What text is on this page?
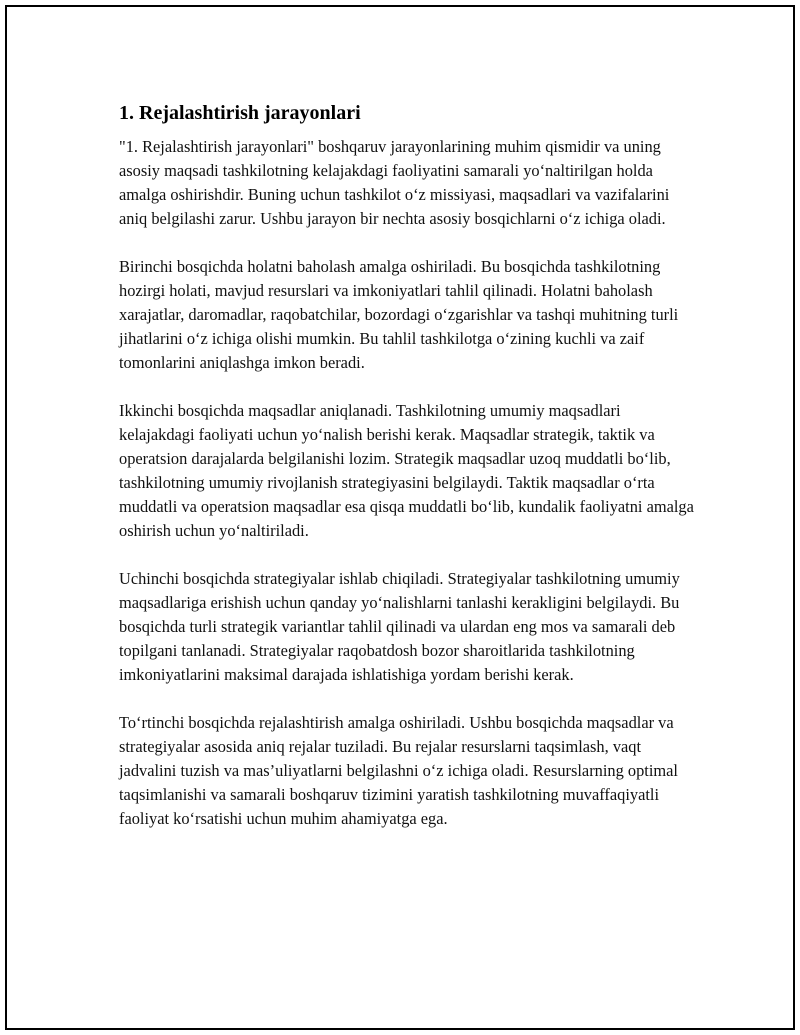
1. Rejalashtirish jarayonlari

"1. Rejalashtirish jarayonlari" boshqaruv jarayonlarining muhim qismidir va uning asosiy maqsadi tashkilotning kelajakdagi faoliyatini samarali yo‘naltirilgan holda amalga oshirishdir. Buning uchun tashkilot o‘z missiyasi, maqsadlari va vazifalarini aniq belgilashi zarur. Ushbu jarayon bir nechta asosiy bosqichlarni o‘z ichiga oladi.

Birinchi bosqichda holatni baholash amalga oshiriladi. Bu bosqichda tashkilotning hozirgi holati, mavjud resurslari va imkoniyatlari tahlil qilinadi. Holatni baholash xarajatlar, daromadlar, raqobatchilar, bozordagi o‘zgarishlar va tashqi muhitning turli jihatlarini o‘z ichiga olishi mumkin. Bu tahlil tashkilotga o‘zining kuchli va zaif tomonlarini aniqlashga imkon beradi.

Ikkinchi bosqichda maqsadlar aniqlanadi. Tashkilotning umumiy maqsadlari kelajakdagi faoliyati uchun yo‘nalish berishi kerak. Maqsadlar strategik, taktik va operatsion darajalarda belgilanishi lozim. Strategik maqsadlar uzoq muddatli bo‘lib, tashkilotning umumiy rivojlanish strategiyasini belgilaydi. Taktik maqsadlar o‘rta muddatli va operatsion maqsadlar esa qisqa muddatli bo‘lib, kundalik faoliyatni amalga oshirish uchun yo‘naltiriladi.

Uchinchi bosqichda strategiyalar ishlab chiqiladi. Strategiyalar tashkilotning umumiy maqsadlariga erishish uchun qanday yo‘nalishlarni tanlashi kerakligini belgilaydi. Bu bosqichda turli strategik variantlar tahlil qilinadi va ulardan eng mos va samarali deb topilgani tanlanadi. Strategiyalar raqobatdosh bozor sharoitlarida tashkilotning imkoniyatlarini maksimal darajada ishlatishiga yordam berishi kerak.

To‘rtinchi bosqichda rejalashtirish amalga oshiriladi. Ushbu bosqichda maqsadlar va strategiyalar asosida aniq rejalar tuziladi. Bu rejalar resurslarni taqsimlash, vaqt jadvalini tuzish va mas’uliyatlarni belgilashni o‘z ichiga oladi. Resurslarning optimal taqsimlanishi va samarali boshqaruv tizimini yaratish tashkilotning muvaffaqiyatli faoliyat ko‘rsatishi uchun muhim ahamiyatga ega.
